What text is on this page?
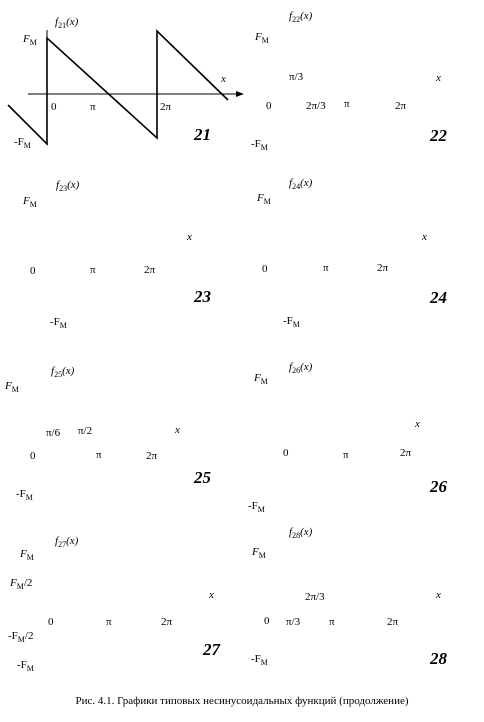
$f_{21}(x)$
$F_M$
$-F_M$
x
0	π	2π
21
$f_{22}(x)$
$F_M$
$-F_M$
x
π/3
0	2π/3 π	2π
22
$f_{23}(x)$
$F_M$
$-F_M$
x
0	π	2π
23
$f_{24}(x)$
$F_M$
$-F_M$
x
0	π	2π
24
$f_{25}(x)$
$F_M$
$-F_M$
x
π/6 π/2
0	π	2π
25
$f_{26}(x)$
$F_M$
$-F_M$
x
0	π	2π
26
$f_{27}(x)$
$F_M$
$F_M/2$
$-F_M/2$
$-F_M$
x
0	π	2π
27
$f_{28}(x)$
$F_M$
$-F_M$
x
2π/3
0 π/3	π	2π
28
Рис. 4.1. Графики типовых несинусоидальных функций (продолжение)
